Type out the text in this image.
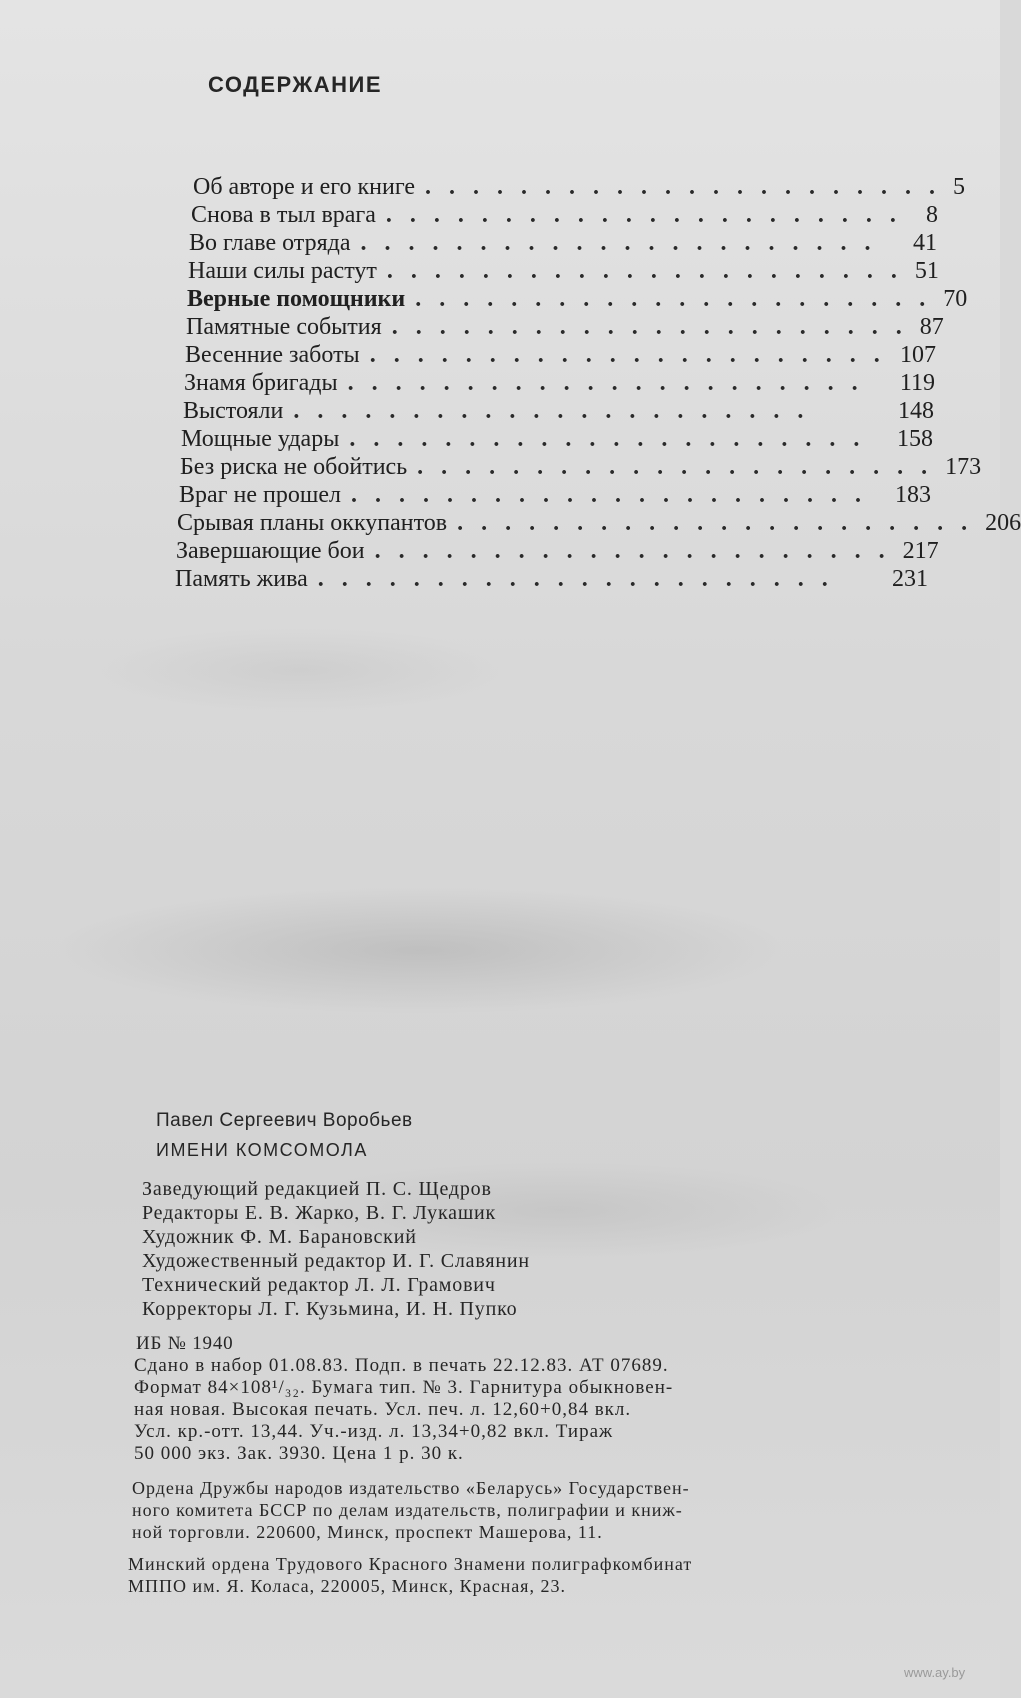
СОДЕРЖАНИЕ
Об авторе и его книге ...................... 5
Снова в тыл врага ...................... 8
Во главе отряда ......................	41
Наши силы растут ...................... 51
Верные помощники ...................... 70
Памятные события ...................... 87
Весенние заботы ...................... 107
Знамя бригады ......................	119
Выстояли ......................	148
Мощные удары ...................... 158
Без риска не обойтись ...................... 173
Враг не прошел ...................... 183
Срывая планы оккупантов ...................... 206
Завершающие бои ...................... 217
Память жива ......................	231
Павел Сергеевич Воробьев
ИМЕНИ КОМСОМОЛА
Заведующий редакцией П. С. Щедров
Редакторы Е. В. Жарко, В. Г. Лукашик
Художник Ф. М. Барановский
Художественный редактор И. Г. Славянин
Технический редактор Л. Л. Грамович
Корректоры Л. Г. Кузьмина, И. Н. Пупко
ИБ № 1940
Сдано в набор 01.08.83. Подп. в печать 22.12.83. АТ 07689.
Формат 84×108¹/₃₂. Бумага тип. № 3. Гарнитура обыкновен-
ная новая. Высокая печать. Усл. печ. л. 12,60+0,84 вкл.
Усл. кр.-отт. 13,44. Уч.-изд. л. 13,34+0,82 вкл. Тираж
50 000 экз. Зак. 3930. Цена 1 р. 30 к.
Ордена Дружбы народов издательство «Беларусь» Государствен-
ного комитета БССР по делам издательств, полиграфии и книж-
ной торговли. 220600, Минск, проспект Машерова, 11.
Минский ордена Трудового Красного Знамени полиграфкомбинат
МППО им. Я. Коласа, 220005, Минск, Красная, 23.
www.ay.by
